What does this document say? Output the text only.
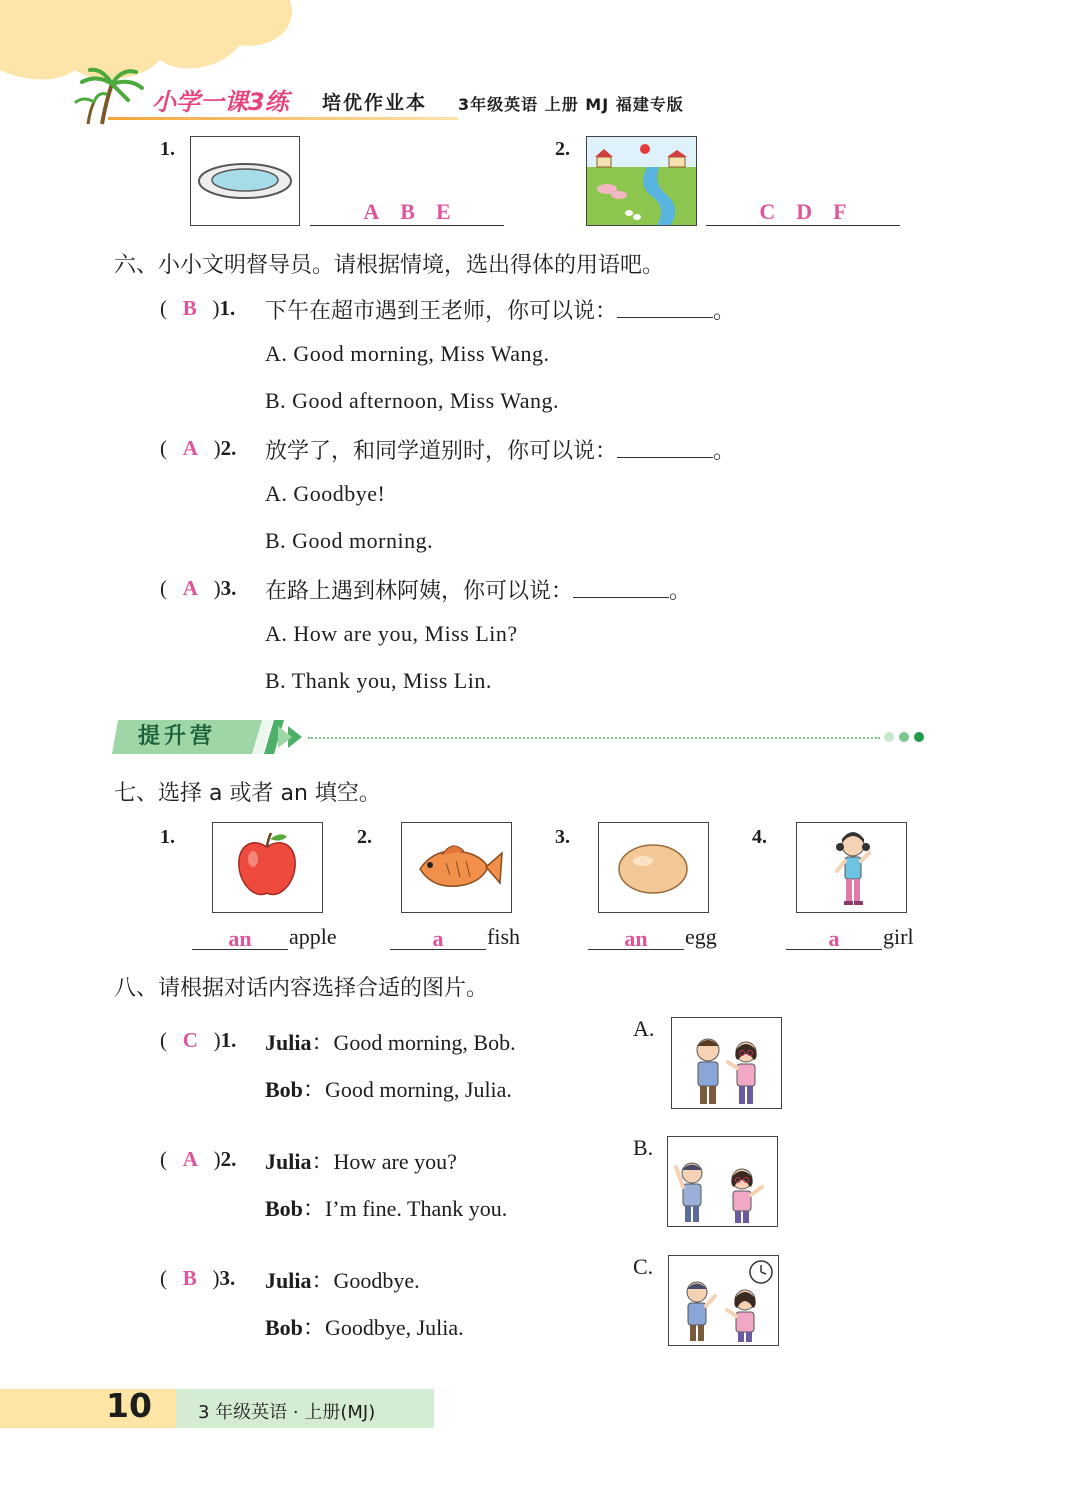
小学一课3练 培优作业本 3年级英语 上册 MJ 福建专版
1.
A B E
2.
C D F
六、小小文明督导员。请根据情境，选出得体的用语吧。
(   B   )1. 下午在超市遇到王老师，你可以说：	。
A. Good morning, Miss Wang.
B. Good afternoon, Miss Wang.
(   A   )2. 放学了，和同学道别时，你可以说：	。
A. Goodbye!
B. Good morning.
(   A   )3. 在路上遇到林阿姨，你可以说：	。
A. How are you, Miss Lin?
B. Thank you, Miss Lin.
提升营
七、选择 a 或者 an 填空。
1.
an	apple
2.
a	fish
3.
an	egg
4.
a	girl
八、请根据对话内容选择合适的图片。
(   C   )1. Julia：Good morning, Bob.
Bob：Good morning, Julia.
(   A   )2. Julia：How are you?
Bob：I’m fine. Thank you.
(   B   )3. Julia：Goodbye.
Bob：Goodbye, Julia.
A.
B.
C.
10	3 年级英语 · 上册(MJ)
